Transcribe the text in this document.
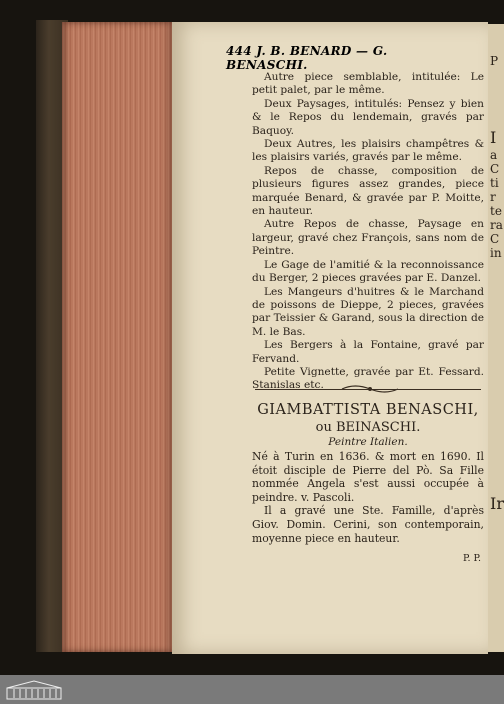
P
I
a
C
ti
r
te
ra
C
in
Ir
444 J. B. BENARD — G. BENASCHI.

Autre piece semblable, intitulée: Le petit palet, par le même.

Deux Paysages, intitulés: Pensez y bien & le Repos du lendemain, gravés par Baquoy.

Deux Autres, les plaisirs champêtres & les plaisirs variés, gravés par le même.

Repos de chasse, composition de plusieurs figures assez grandes, piece marquée Benard, & gravée par P. Moitte, en hauteur.

Autre Repos de chasse, Paysage en largeur, gravé chez François, sans nom de Peintre.

Le Gage de l'amitié & la reconnoissance du Berger, 2 pieces gravées par E. Danzel.

Les Mangeurs d'huitres & le Marchand de poissons de Dieppe, 2 pieces, gravées par Teissier & Garand, sous la direction de M. le Bas.

Les Bergers à la Fontaine, gravé par Fervand.

Petite Vignette, gravée par Et. Fessard. Stanislas etc.

GIAMBATTISTA BENASCHI,
ou BEINASCHI.
Peintre Italien.

Né à Turin en 1636. & mort en 1690. Il étoit disciple de Pierre del Pò. Sa Fille nommée Angela s'est aussi occupée à peindre. v. Pascoli.

Il a gravé une Ste. Famille, d'après Giov. Domin. Cerini, son contemporain, moyenne piece en hauteur.

P. P.
